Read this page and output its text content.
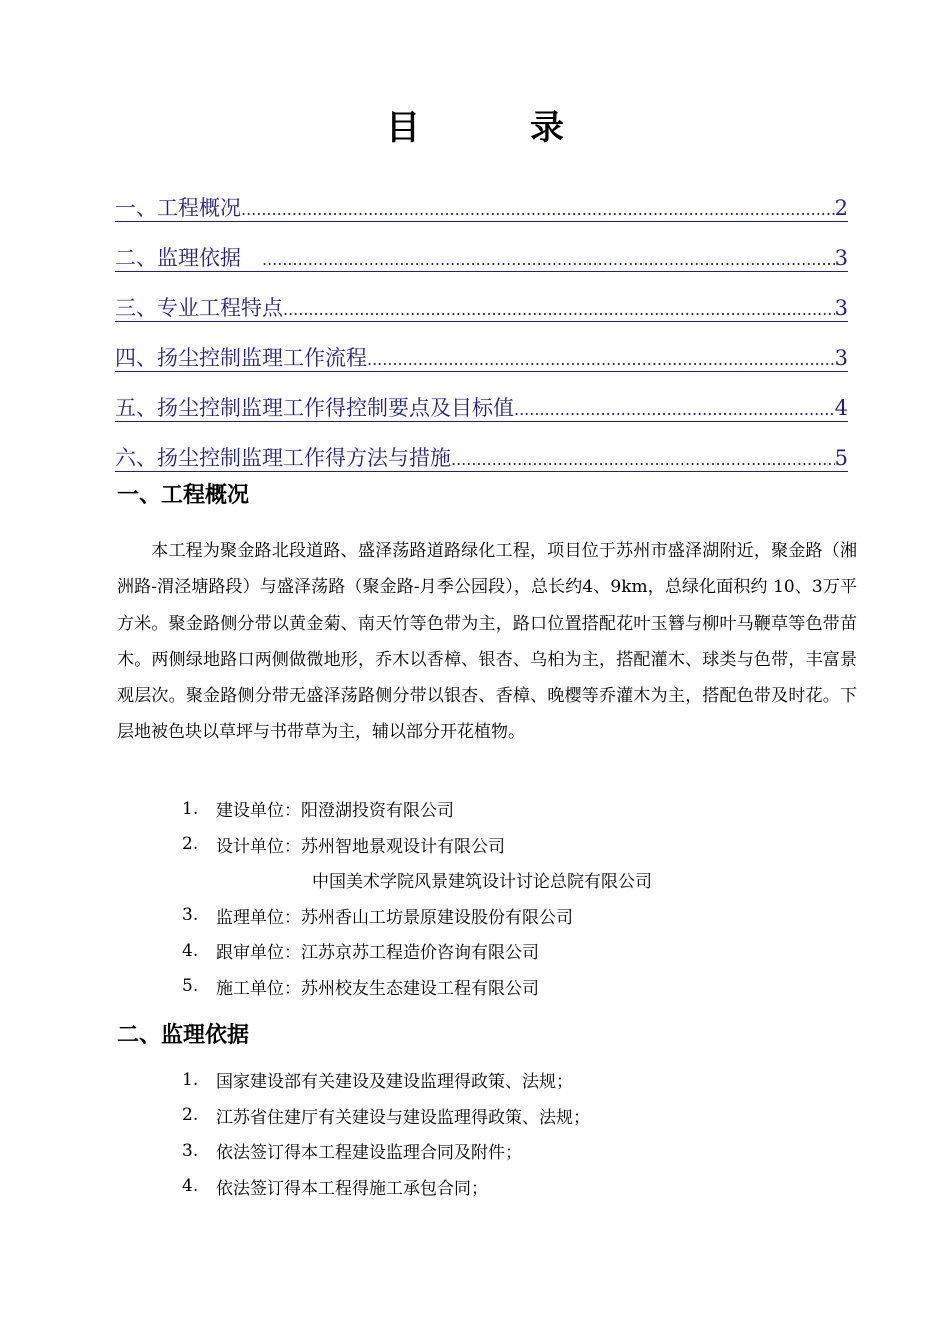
目　录
一、工程概况 .....	2
二、监理依据　 .....	3
三、专业工程特点 .....	3
四、扬尘控制监理工作流程 .....	3
五、扬尘控制监理工作得控制要点及目标值 .....	4
六、扬尘控制监理工作得方法与措施 .....	5
一、工程概况
本工程为聚金路北段道路、盛泽荡路道路绿化工程，项目位于苏州市盛泽湖附近，聚金路（湘洲路-渭泾塘路段）与盛泽荡路（聚金路-月季公园段），总长约4、9km，总绿化面积约 10、3万平方米。聚金路侧分带以黄金菊、南天竹等色带为主，路口位置搭配花叶玉簪与柳叶马鞭草等色带苗木。两侧绿地路口两侧做微地形，乔木以香樟、银杏、乌桕为主，搭配灌木、球类与色带，丰富景观层次。聚金路侧分带无盛泽荡路侧分带以银杏、香樟、晚樱等乔灌木为主，搭配色带及时花。下层地被色块以草坪与书带草为主，辅以部分开花植物。
1.	建设单位：阳澄湖投资有限公司
2.	设计单位：苏州智地景观设计有限公司
中国美术学院风景建筑设计讨论总院有限公司
3.	监理单位：苏州香山工坊景原建设股份有限公司
4.	跟审单位：江苏京苏工程造价咨询有限公司
5.	施工单位：苏州校友生态建设工程有限公司
二、监理依据
1.	国家建设部有关建设及建设监理得政策、法规；
2.	江苏省住建厅有关建设与建设监理得政策、法规；
3.	依法签订得本工程建设监理合同及附件；
4.	依法签订得本工程得施工承包合同；
